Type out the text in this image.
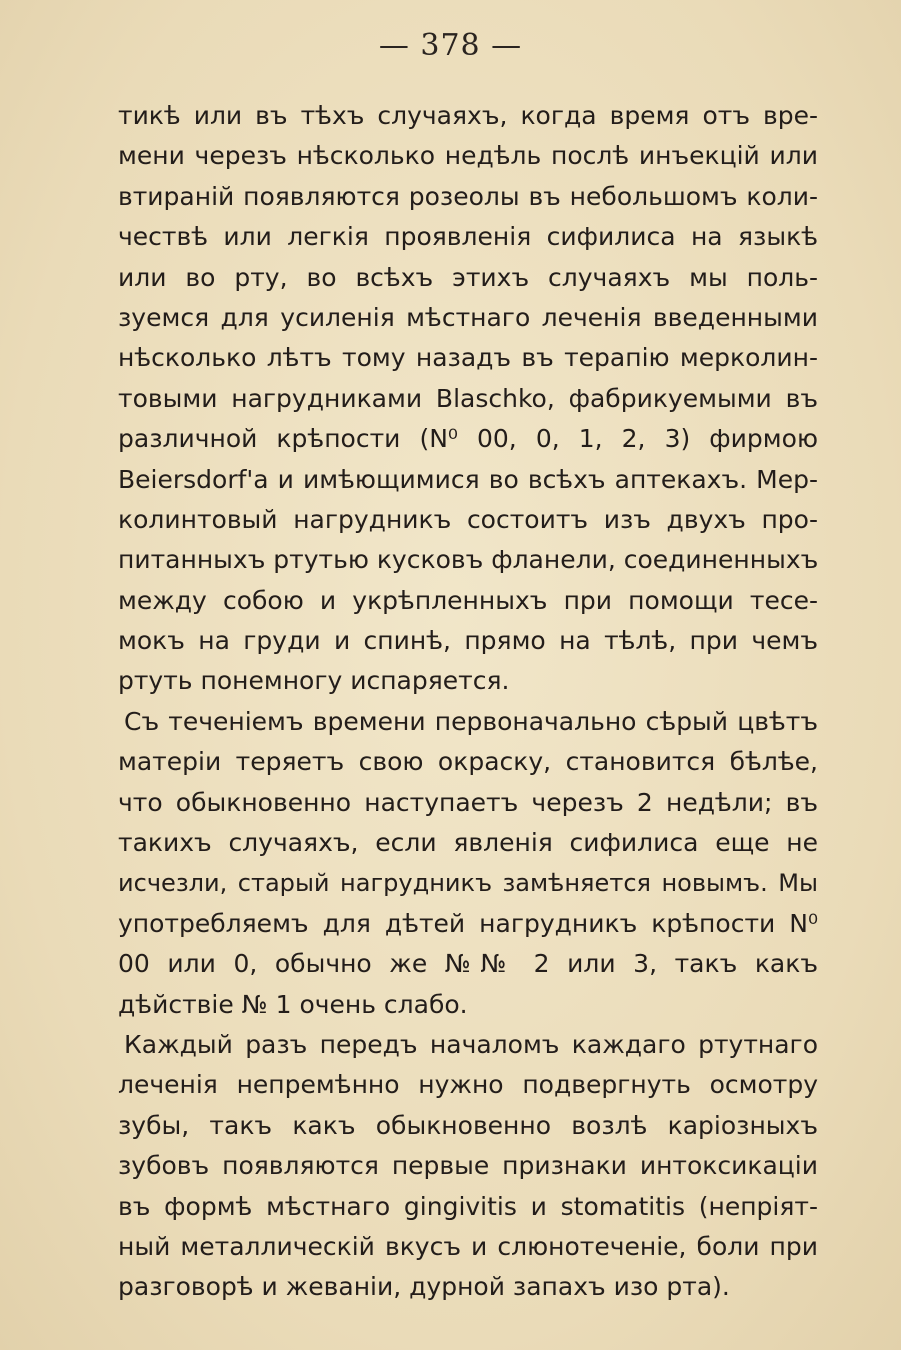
— 378 —
тикѣ или въ тѣхъ случаяхъ, когда время отъ вре-
мени черезъ нѣсколько недѣль послѣ инъекцій или
втираній появляются розеолы въ небольшомъ коли-
чествѣ или легкія проявленія сифилиса на языкѣ
или во рту, во всѣхъ этихъ случаяхъ мы поль-
зуемся для усиленія мѣстнаго леченія введенными
нѣсколько лѣтъ тому назадъ въ терапію мерколин-
товыми нагрудниками Blaschko, фабрикуемыми въ
различной крѣпости (N⁰ 00, 0, 1, 2, 3) фирмою
Beiersdorf'a и имѣющимися во всѣхъ аптекахъ. Мер-
колинтовый нагрудникъ состоитъ изъ двухъ про-
питанныхъ ртутью кусковъ фланели, соединенныхъ
между собою и укрѣпленныхъ при помощи тесе-
мокъ на груди и спинѣ, прямо на тѣлѣ, при чемъ
ртуть понемногу испаряется.
Съ теченіемъ времени первоначально сѣрый цвѣтъ
матеріи теряетъ свою окраску, становится бѣлѣе,
что обыкновенно наступаетъ черезъ 2 недѣли; въ
такихъ случаяхъ, если явленія сифилиса еще не
исчезли, старый нагрудникъ замѣняется новымъ. Мы
употребляемъ для дѣтей нагрудникъ крѣпости N⁰
00 или 0, обычно же №№ 2 или 3, такъ какъ
дѣйствіе № 1 очень слабо.
Каждый разъ передъ началомъ каждаго ртутнаго
леченія непремѣнно нужно подвергнуть осмотру
зубы, такъ какъ обыкновенно возлѣ каріозныхъ
зубовъ появляются первые признаки интоксикаціи
въ формѣ мѣстнаго gingivitis и stomatitis (непріят-
ный металлическій вкусъ и слюнотеченіе, боли при
разговорѣ и жеваніи, дурной запахъ изо рта).
